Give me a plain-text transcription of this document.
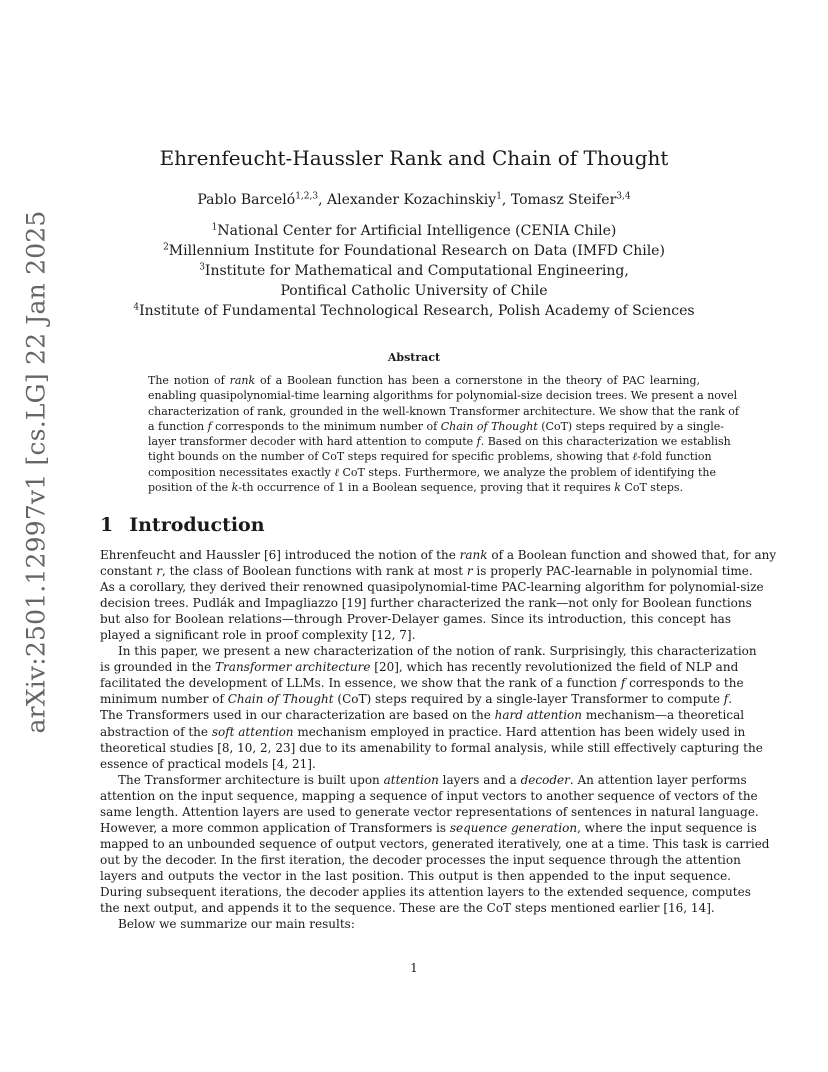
arXiv:2501.12997v1 [cs.LG] 22 Jan 2025
Ehrenfeucht-Haussler Rank and Chain of Thought
Pablo Barceló$^{1,2,3}$, Alexander Kozachinskiy$^1$, Tomasz Steifer$^{3,4}$
$^1$National Center for Artificial Intelligence (CENIA Chile)
$^2$Millennium Institute for Foundational Research on Data (IMFD Chile)
$^3$Institute for Mathematical and Computational Engineering,
Pontifical Catholic University of Chile
$^4$Institute of Fundamental Technological Research, Polish Academy of Sciences
Abstract

The notion of rank of a Boolean function has been a cornerstone in the theory of PAC learning,
enabling quasipolynomial-time learning algorithms for polynomial-size decision trees. We present a novel
characterization of rank, grounded in the well-known Transformer architecture. We show that the rank of
a function f corresponds to the minimum number of Chain of Thought (CoT) steps required by a single-
layer transformer decoder with hard attention to compute f. Based on this characterization we establish
tight bounds on the number of CoT steps required for specific problems, showing that ℓ-fold function
composition necessitates exactly ℓ CoT steps. Furthermore, we analyze the problem of identifying the
position of the k-th occurrence of 1 in a Boolean sequence, proving that it requires k CoT steps.

1 Introduction
Ehrenfeucht and Haussler [6] introduced the notion of the rank of a Boolean function and showed that, for any
constant r, the class of Boolean functions with rank at most r is properly PAC-learnable in polynomial time.
As a corollary, they derived their renowned quasipolynomial-time PAC-learning algorithm for polynomial-size
decision trees. Pudlák and Impagliazzo [19] further characterized the rank—not only for Boolean functions
but also for Boolean relations—through Prover-Delayer games. Since its introduction, this concept has
played a significant role in proof complexity [12, 7].
In this paper, we present a new characterization of the notion of rank. Surprisingly, this characterization
is grounded in the Transformer architecture [20], which has recently revolutionized the field of NLP and
facilitated the development of LLMs. In essence, we show that the rank of a function f corresponds to the
minimum number of Chain of Thought (CoT) steps required by a single-layer Transformer to compute f.
The Transformers used in our characterization are based on the hard attention mechanism—a theoretical
abstraction of the soft attention mechanism employed in practice. Hard attention has been widely used in
theoretical studies [8, 10, 2, 23] due to its amenability to formal analysis, while still effectively capturing the
essence of practical models [4, 21].
The Transformer architecture is built upon attention layers and a decoder. An attention layer performs
attention on the input sequence, mapping a sequence of input vectors to another sequence of vectors of the
same length. Attention layers are used to generate vector representations of sentences in natural language.
However, a more common application of Transformers is sequence generation, where the input sequence is
mapped to an unbounded sequence of output vectors, generated iteratively, one at a time. This task is carried
out by the decoder. In the first iteration, the decoder processes the input sequence through the attention
layers and outputs the vector in the last position. This output is then appended to the input sequence.
During subsequent iterations, the decoder applies its attention layers to the extended sequence, computes
the next output, and appends it to the sequence. These are the CoT steps mentioned earlier [16, 14].
Below we summarize our main results:
1
